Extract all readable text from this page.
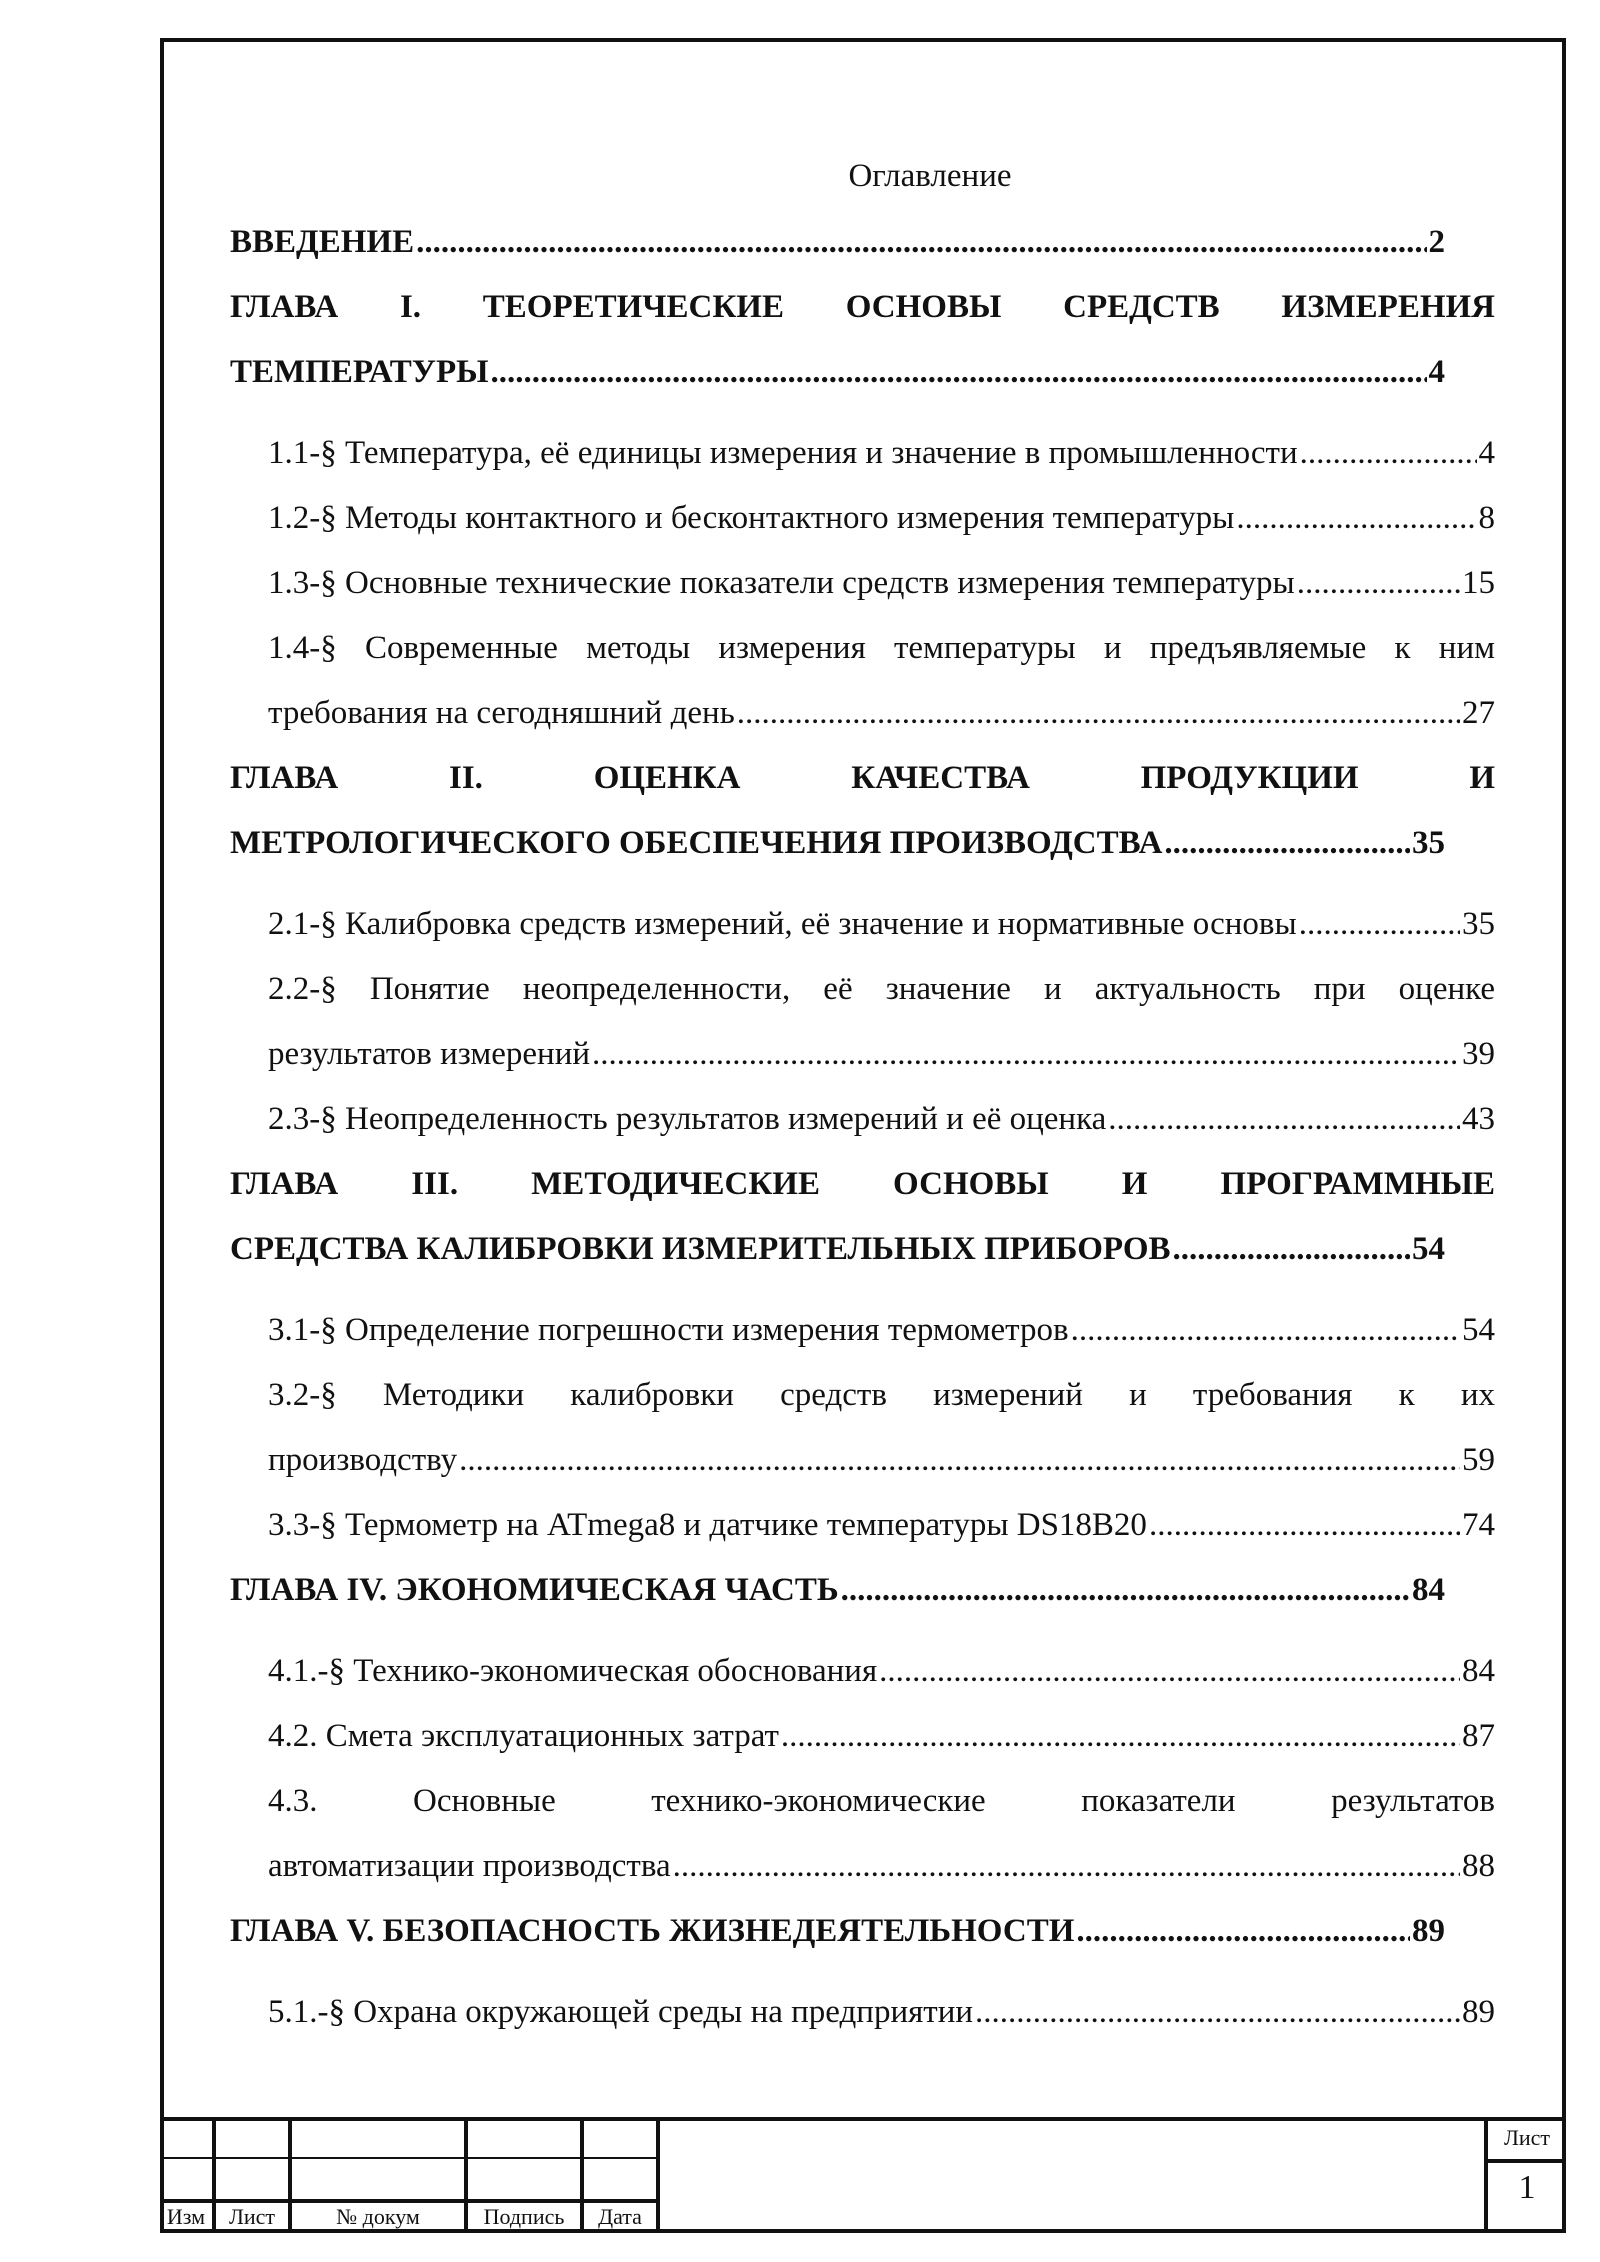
Оглавление
ВВЕДЕНИЕ .....	2
ГЛАВА I. ТЕОРЕТИЧЕСКИЕ ОСНОВЫ СРЕДСТВ ИЗМЕРЕНИЯ
ТЕМПЕРАТУРЫ .....	4
1.1-§ Температура, её единицы измерения и значение в промышленности .....	4
1.2-§ Методы контактного и бесконтактного измерения температуры .....	8
1.3-§ Основные технические показатели средств измерения температуры .....	15
1.4-§ Современные методы измерения температуры и предъявляемые к ним
требования на сегодняшний день .....	27
ГЛАВА II. ОЦЕНКА КАЧЕСТВА ПРОДУКЦИИ И
МЕТРОЛОГИЧЕСКОГО ОБЕСПЕЧЕНИЯ ПРОИЗВОДСТВА .....	35
2.1-§ Калибровка средств измерений, её значение и нормативные основы .....	35
2.2-§ Понятие неопределенности, её значение и актуальность при оценке
результатов измерений .....	39
2.3-§ Неопределенность результатов измерений и её оценка .....	43
ГЛАВА III. МЕТОДИЧЕСКИЕ ОСНОВЫ И ПРОГРАММНЫЕ
СРЕДСТВА КАЛИБРОВКИ ИЗМЕРИТЕЛЬНЫХ ПРИБОРОВ .....	54
3.1-§ Определение погрешности измерения термометров .....	54
3.2-§ Методики калибровки средств измерений и требования к их
производству .....	59
3.3-§ Термометр на ATmega8 и датчике температуры DS18B20 .....	74
ГЛАВА IV. ЭКОНОМИЧЕСКАЯ ЧАСТЬ .....	84
4.1.-§ Технико-экономическая обоснования .....	84
4.2. Смета эксплуатационных затрат .....	87
4.3. Основные технико-экономические показатели результатов
автоматизации производства .....	88
ГЛАВА V. БЕЗОПАСНОСТЬ ЖИЗНЕДЕЯТЕЛЬНОСТИ .....	89
5.1.-§ Охрана окружающей среды на предприятии .....	89
Изм	Лист	№ докум	Подпись	Дата
Лист
1
